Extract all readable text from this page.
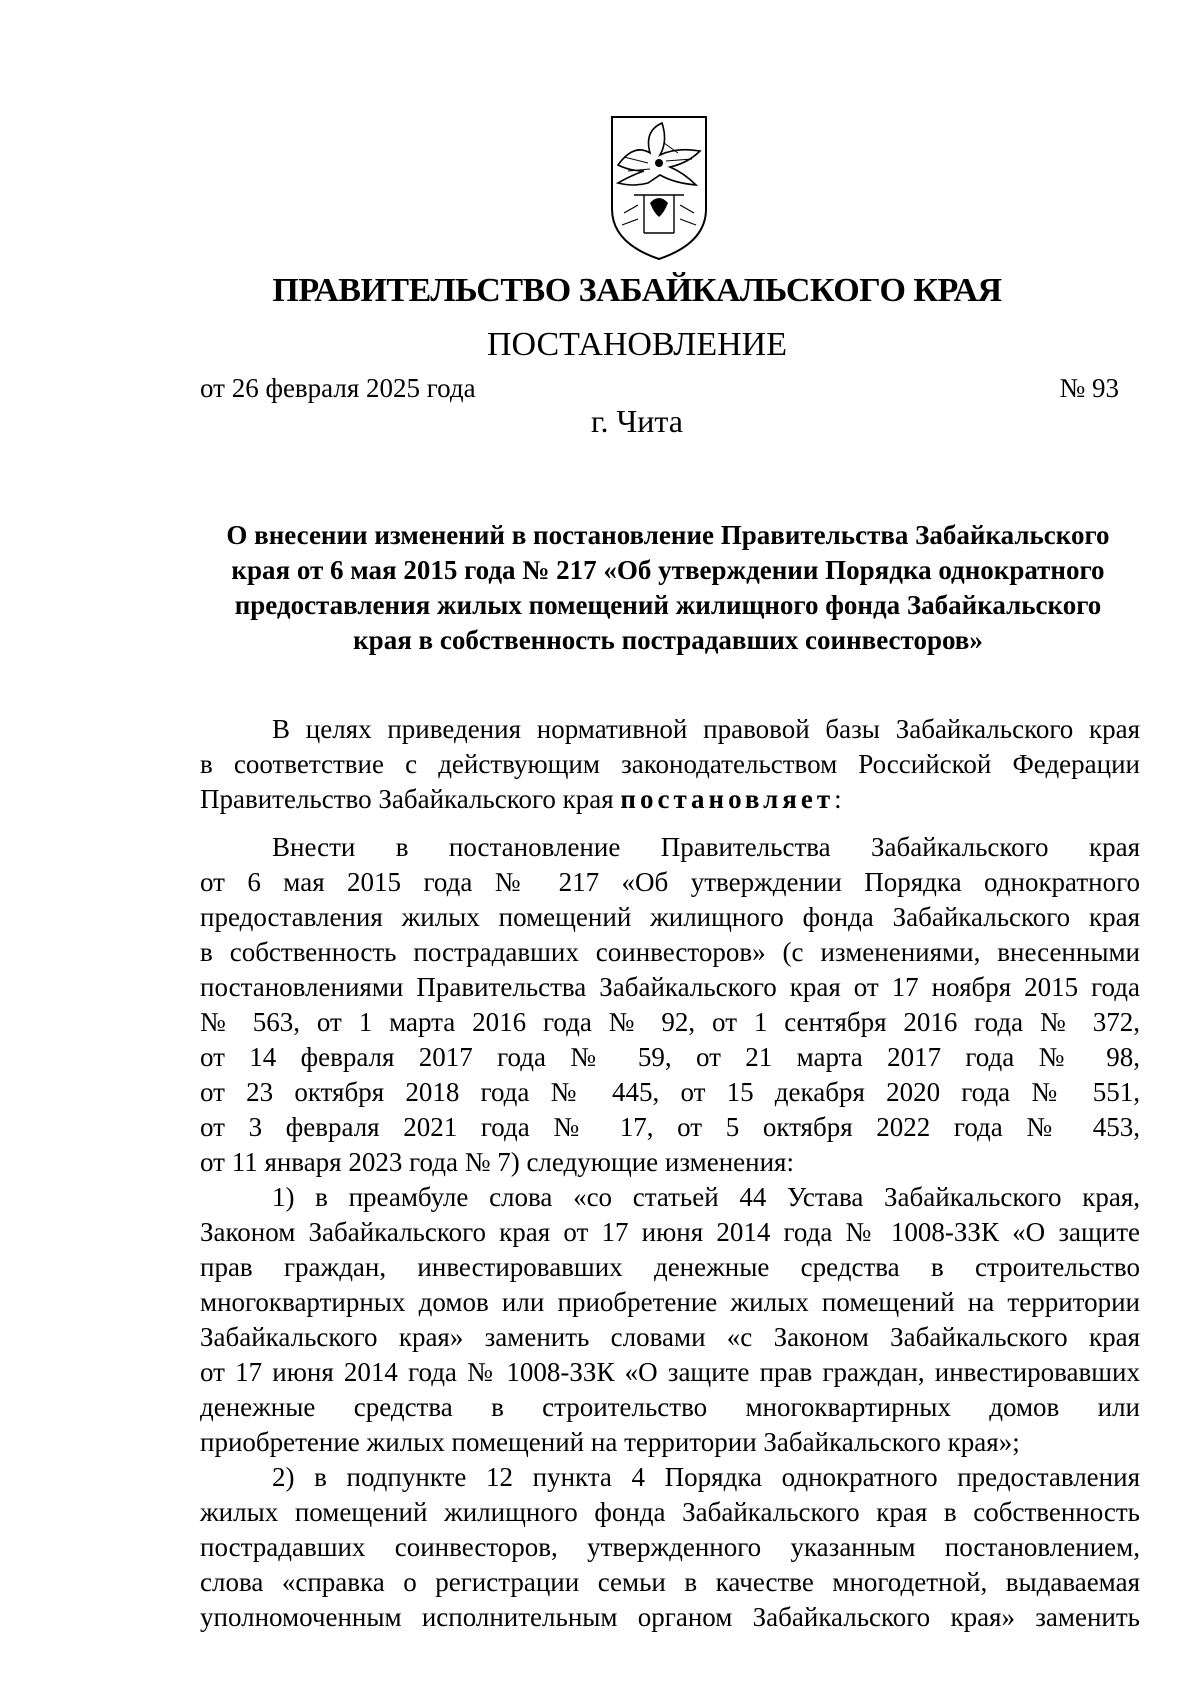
ПРАВИТЕЛЬСТВО ЗАБАЙКАЛЬСКОГО КРАЯ
ПОСТАНОВЛЕНИЕ
от 26 февраля 2025 года	№ 93
г. Чита
О внесении изменений в постановление Правительства Забайкальского
края от 6 мая 2015 года № 217 «Об утверждении Порядка однократного
предоставления жилых помещений жилищного фонда Забайкальского
края в собственность пострадавших соинвесторов»
В целях приведения нормативной правовой базы Забайкальского края
в соответствие с действующим законодательством Российской Федерации
Правительство Забайкальского края постановляет:
Внести в постановление Правительства Забайкальского края
от 6 мая 2015 года № 217 «Об утверждении Порядка однократного
предоставления жилых помещений жилищного фонда Забайкальского края
в собственность пострадавших соинвесторов» (с изменениями, внесенными
постановлениями Правительства Забайкальского края от 17 ноября 2015 года
№ 563, от 1 марта 2016 года № 92, от 1 сентября 2016 года № 372,
от 14 февраля 2017 года № 59, от 21 марта 2017 года № 98,
от 23 октября 2018 года № 445, от 15 декабря 2020 года № 551,
от 3 февраля 2021 года № 17, от 5 октября 2022 года № 453,
от 11 января 2023 года № 7) следующие изменения:
1) в преамбуле слова «со статьей 44 Устава Забайкальского края,
Законом Забайкальского края от 17 июня 2014 года № 1008-ЗЗК «О защите
прав граждан, инвестировавших денежные средства в строительство
многоквартирных домов или приобретение жилых помещений на территории
Забайкальского края» заменить словами «с Законом Забайкальского края
от 17 июня 2014 года № 1008-ЗЗК «О защите прав граждан, инвестировавших
денежные средства в строительство многоквартирных домов или
приобретение жилых помещений на территории Забайкальского края»;
2) в подпункте 12 пункта 4 Порядка однократного предоставления
жилых помещений жилищного фонда Забайкальского края в собственность
пострадавших соинвесторов, утвержденного указанным постановлением,
слова «справка о регистрации семьи в качестве многодетной, выдаваемая
уполномоченным исполнительным органом Забайкальского края» заменить
